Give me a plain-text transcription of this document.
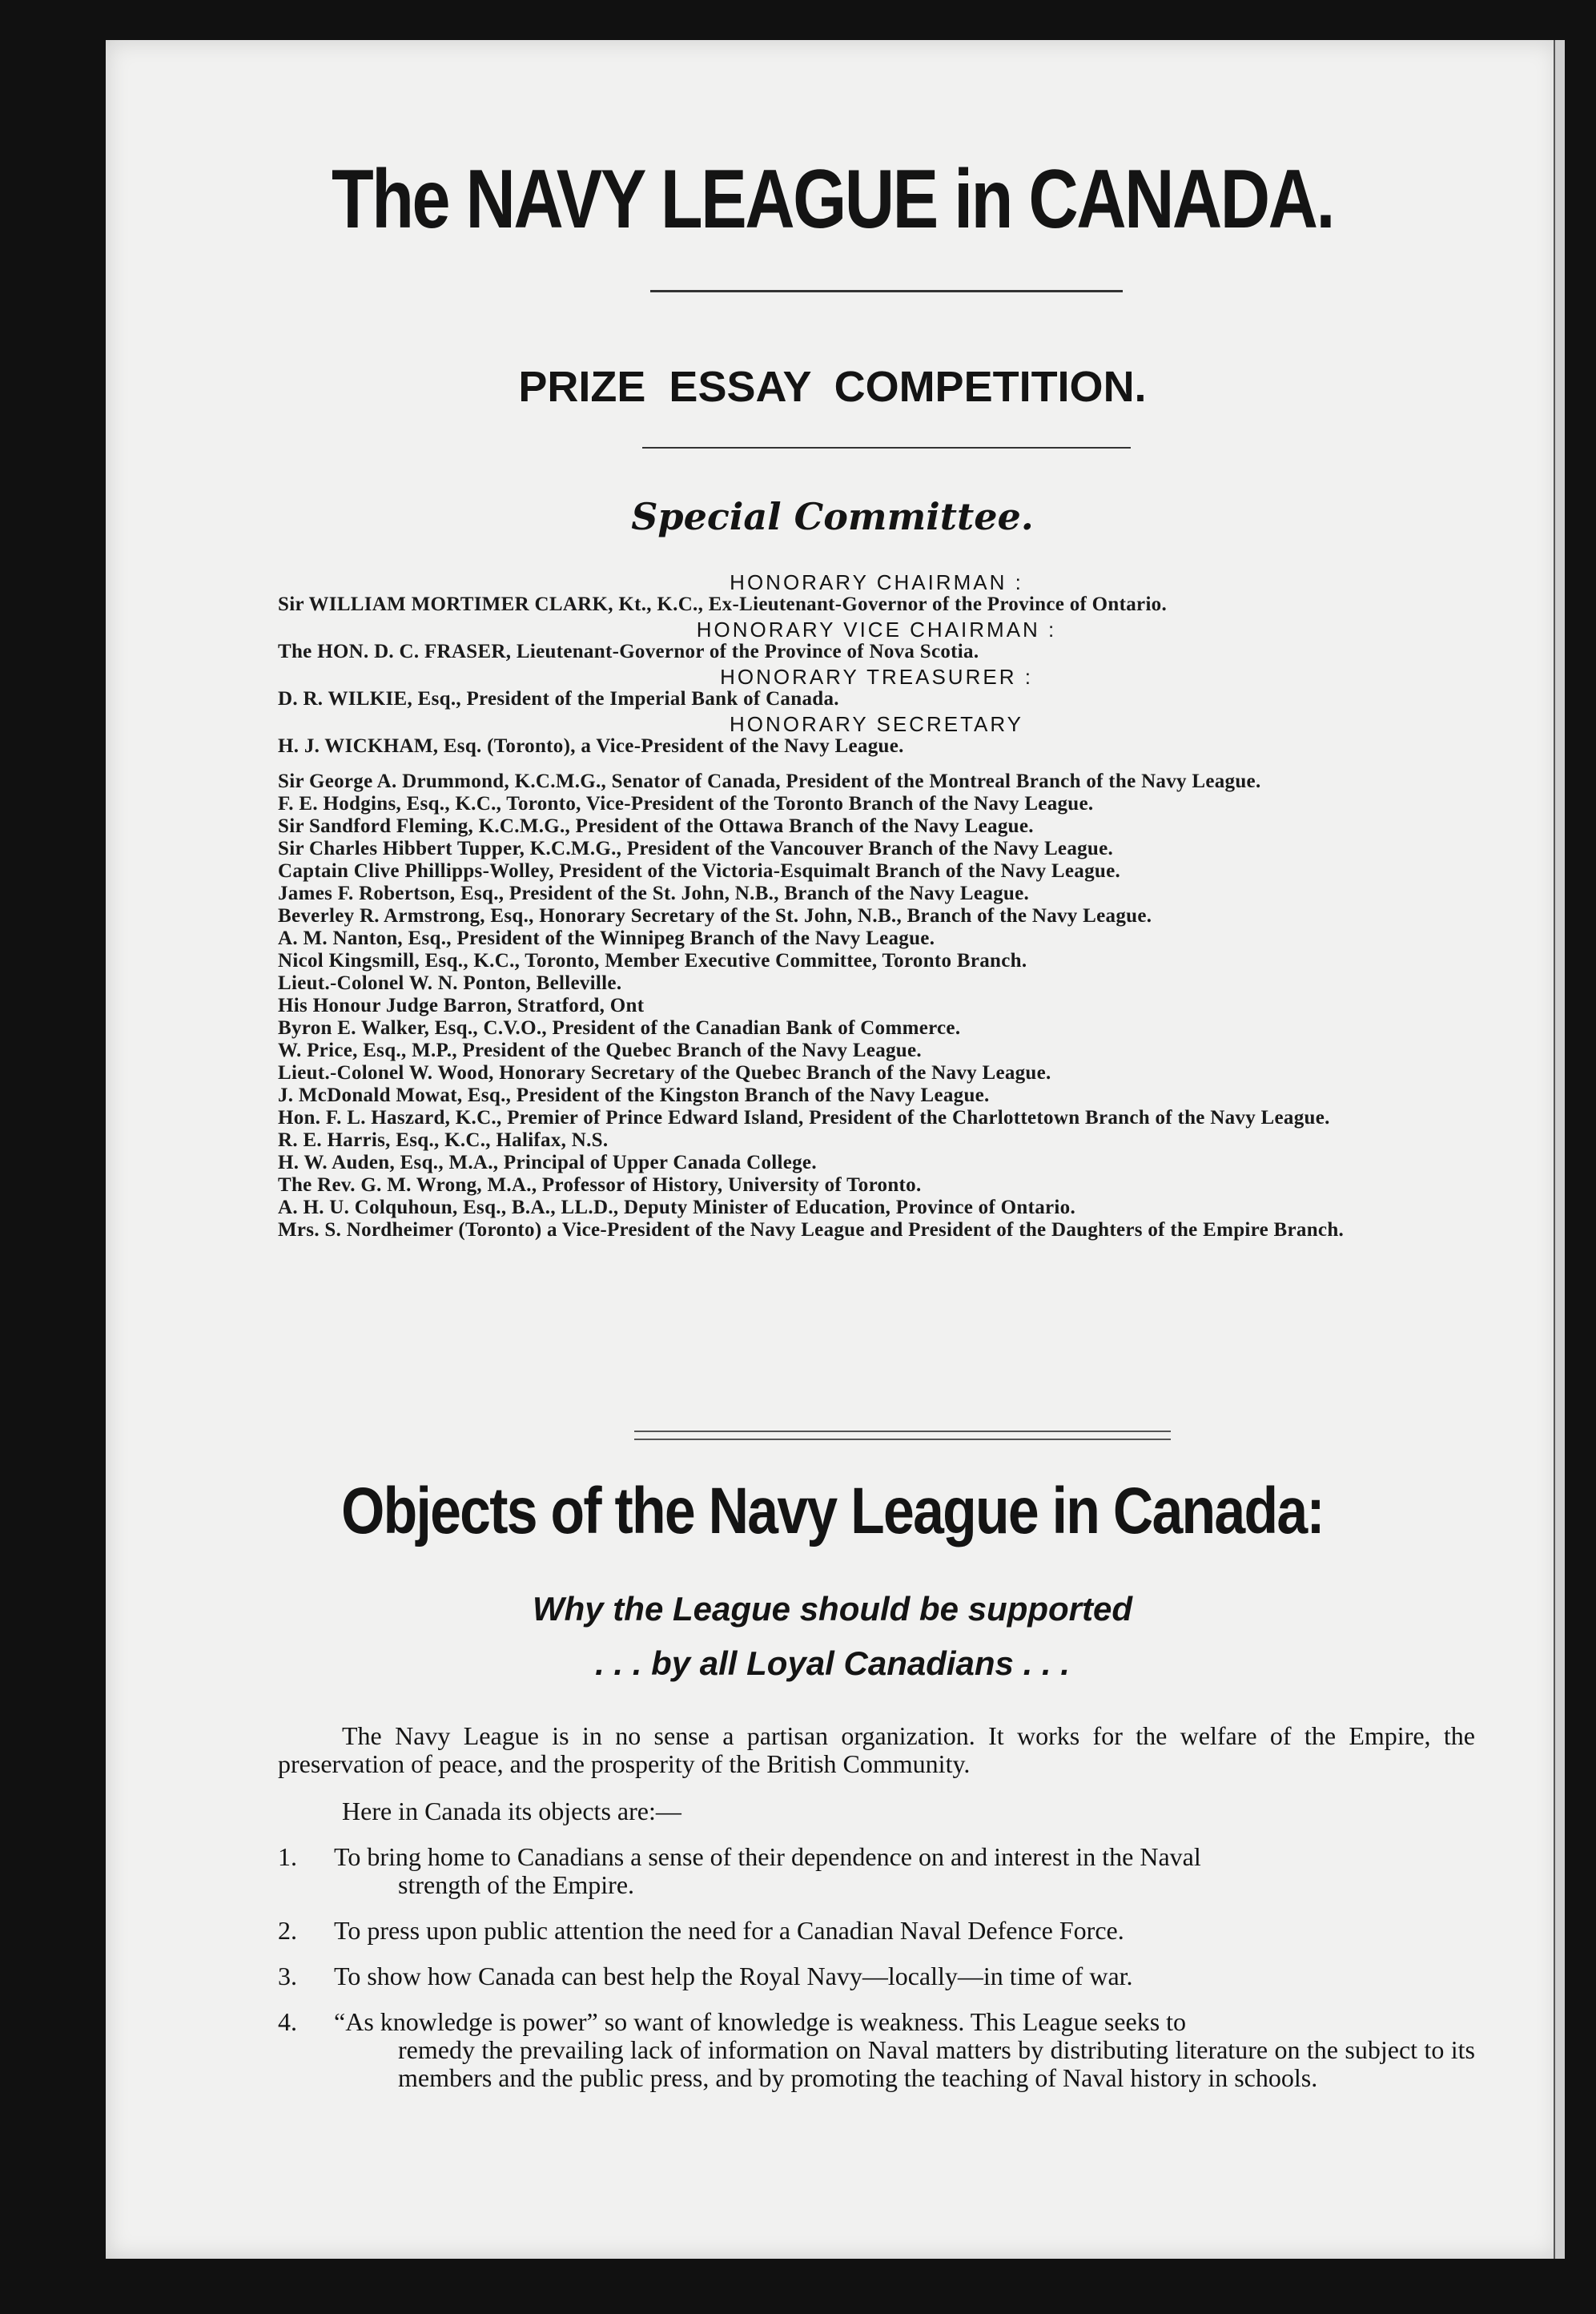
The NAVY LEAGUE in CANADA.
PRIZE ESSAY COMPETITION.
Special Committee.
HONORARY CHAIRMAN :
Sir WILLIAM MORTIMER CLARK, Kt., K.C., Ex-Lieutenant-Governor of the Province of Ontario.
HONORARY VICE CHAIRMAN :
The HON. D. C. FRASER, Lieutenant-Governor of the Province of Nova Scotia.
HONORARY TREASURER :
D. R. WILKIE, Esq., President of the Imperial Bank of Canada.
HONORARY SECRETARY
H. J. WICKHAM, Esq. (Toronto), a Vice-President of the Navy League.
Sir George A. Drummond, K.C.M.G., Senator of Canada, President of the Montreal Branch of the Navy League.
F. E. Hodgins, Esq., K.C., Toronto, Vice-President of the Toronto Branch of the Navy League.
Sir Sandford Fleming, K.C.M.G., President of the Ottawa Branch of the Navy League.
Sir Charles Hibbert Tupper, K.C.M.G., President of the Vancouver Branch of the Navy League.
Captain Clive Phillipps-Wolley, President of the Victoria-Esquimalt Branch of the Navy League.
James F. Robertson, Esq., President of the St. John, N.B., Branch of the Navy League.
Beverley R. Armstrong, Esq., Honorary Secretary of the St. John, N.B., Branch of the Navy League.
A. M. Nanton, Esq., President of the Winnipeg Branch of the Navy League.
Nicol Kingsmill, Esq., K.C., Toronto, Member Executive Committee, Toronto Branch.
Lieut.-Colonel W. N. Ponton, Belleville.
His Honour Judge Barron, Stratford, Ont
Byron E. Walker, Esq., C.V.O., President of the Canadian Bank of Commerce.
W. Price, Esq., M.P., President of the Quebec Branch of the Navy League.
Lieut.-Colonel W. Wood, Honorary Secretary of the Quebec Branch of the Navy League.
J. McDonald Mowat, Esq., President of the Kingston Branch of the Navy League.
Hon. F. L. Haszard, K.C., Premier of Prince Edward Island, President of the Charlottetown Branch of the Navy League.
R. E. Harris, Esq., K.C., Halifax, N.S.
H. W. Auden, Esq., M.A., Principal of Upper Canada College.
The Rev. G. M. Wrong, M.A., Professor of History, University of Toronto.
A. H. U. Colquhoun, Esq., B.A., LL.D., Deputy Minister of Education, Province of Ontario.
Mrs. S. Nordheimer (Toronto) a Vice-President of the Navy League and President of the Daughters of the Empire Branch.
Objects of the Navy League in Canada:
Why the League should be supported
. . . by all Loyal Canadians . . .
The Navy League is in no sense a partisan organization. It works for the welfare of the Empire, the preservation of peace, and the prosperity of the British Community.
Here in Canada its objects are:—
1.	To bring home to Canadians a sense of their dependence on and interest in the Naval
strength of the Empire.
2.	To press upon public attention the need for a Canadian Naval Defence Force.
3.	To show how Canada can best help the Royal Navy—locally—in time of war.
4.	“As knowledge is power” so want of knowledge is weakness. This League seeks to
remedy the prevailing lack of information on Naval matters by distributing literature on the subject to its members and the public press, and by promoting the teaching of Naval history in schools.
